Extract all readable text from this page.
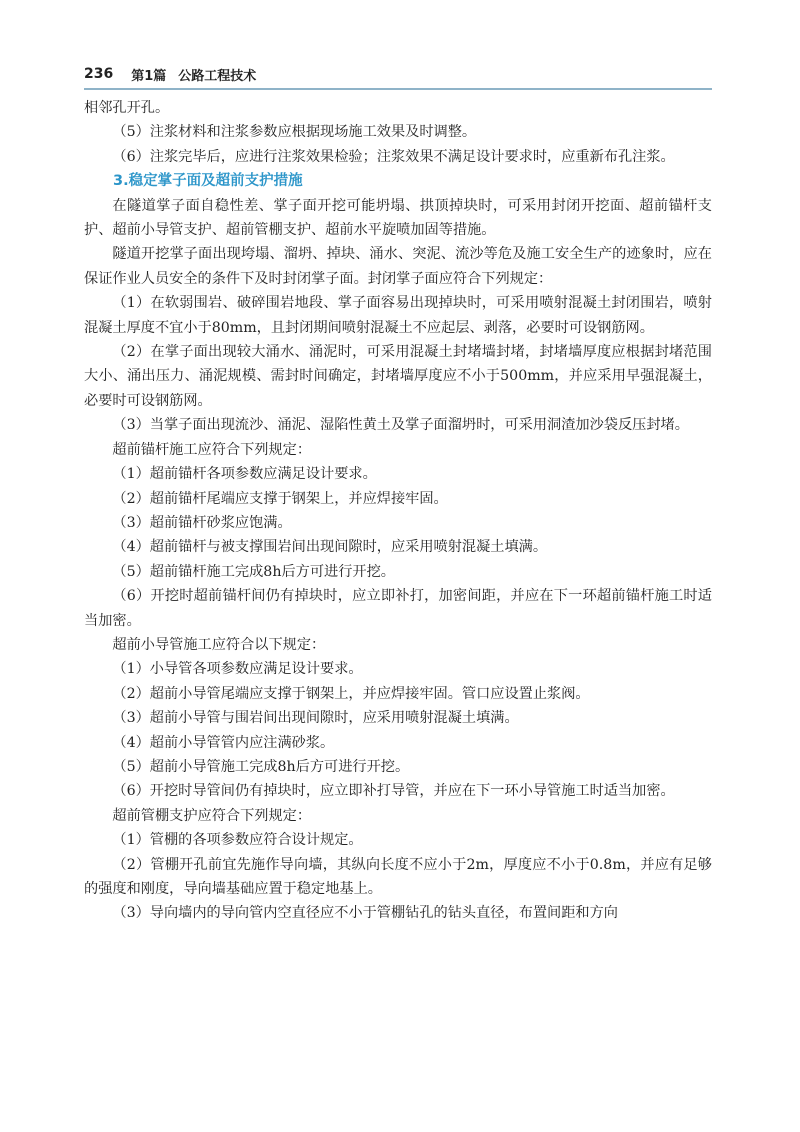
236 第1篇 公路工程技术

相邻孔开孔。

（5）注浆材料和注浆参数应根据现场施工效果及时调整。

（6）注浆完毕后，应进行注浆效果检验；注浆效果不满足设计要求时，应重新布孔注浆。

3.稳定掌子面及超前支护措施

在隧道掌子面自稳性差、掌子面开挖可能坍塌、拱顶掉块时，可采用封闭开挖面、超前锚杆支护、超前小导管支护、超前管棚支护、超前水平旋喷加固等措施。

隧道开挖掌子面出现垮塌、溜坍、掉块、涌水、突泥、流沙等危及施工安全生产的迹象时，应在保证作业人员安全的条件下及时封闭掌子面。封闭掌子面应符合下列规定：

（1）在软弱围岩、破碎围岩地段、掌子面容易出现掉块时，可采用喷射混凝土封闭围岩，喷射混凝土厚度不宜小于80mm，且封闭期间喷射混凝土不应起层、剥落，必要时可设钢筋网。

（2）在掌子面出现较大涌水、涌泥时，可采用混凝土封堵墙封堵，封堵墙厚度应根据封堵范围大小、涌出压力、涌泥规模、需封时间确定，封堵墙厚度应不小于500mm，并应采用早强混凝土，必要时可设钢筋网。

（3）当掌子面出现流沙、涌泥、湿陷性黄土及掌子面溜坍时，可采用洞渣加沙袋反压封堵。

超前锚杆施工应符合下列规定：

（1）超前锚杆各项参数应满足设计要求。

（2）超前锚杆尾端应支撑于钢架上，并应焊接牢固。

（3）超前锚杆砂浆应饱满。

（4）超前锚杆与被支撑围岩间出现间隙时，应采用喷射混凝土填满。

（5）超前锚杆施工完成8h后方可进行开挖。

（6）开挖时超前锚杆间仍有掉块时，应立即补打，加密间距，并应在下一环超前锚杆施工时适当加密。

超前小导管施工应符合以下规定：

（1）小导管各项参数应满足设计要求。

（2）超前小导管尾端应支撑于钢架上，并应焊接牢固。管口应设置止浆阀。

（3）超前小导管与围岩间出现间隙时，应采用喷射混凝土填满。

（4）超前小导管管内应注满砂浆。

（5）超前小导管施工完成8h后方可进行开挖。

（6）开挖时导管间仍有掉块时，应立即补打导管，并应在下一环小导管施工时适当加密。

超前管棚支护应符合下列规定：

（1）管棚的各项参数应符合设计规定。

（2）管棚开孔前宜先施作导向墙，其纵向长度不应小于2m，厚度应不小于0.8m，并应有足够的强度和刚度，导向墙基础应置于稳定地基上。

（3）导向墙内的导向管内空直径应不小于管棚钻孔的钻头直径，布置间距和方向
